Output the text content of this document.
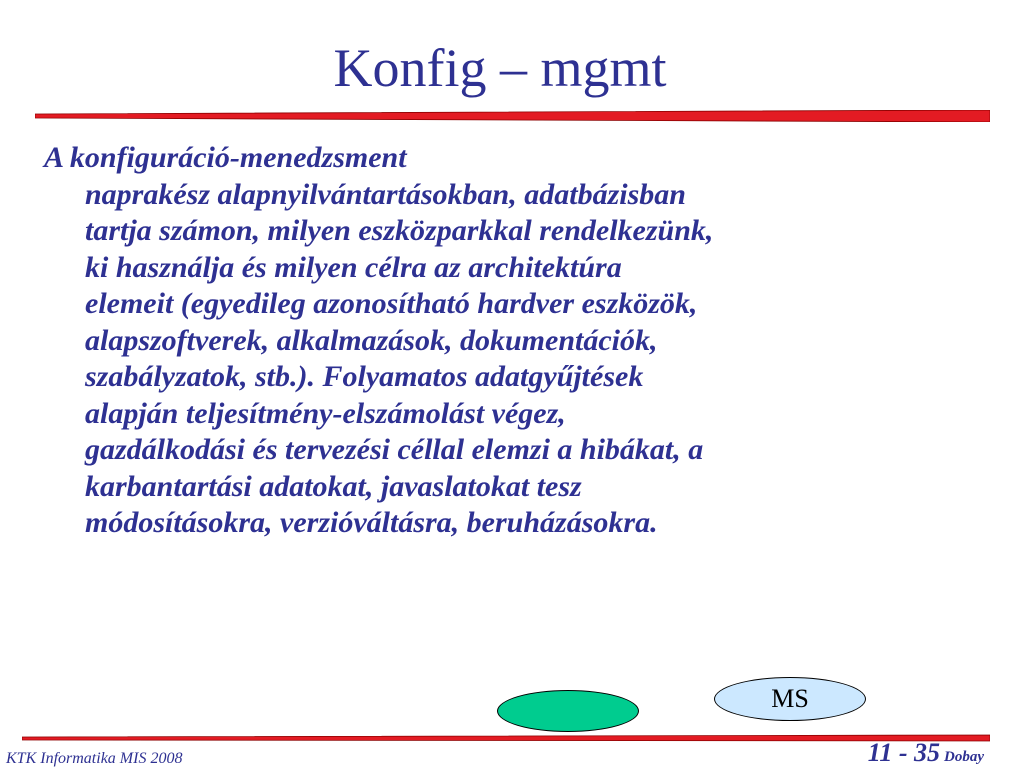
Konfig – mgmt
A konfiguráció-menedzsment
naprakész alapnyilvántartásokban, adatbázisban
tartja számon, milyen eszközparkkal rendelkezünk,
ki használja és milyen célra az architektúra
elemeit (egyedileg azonosítható hardver eszközök,
alapszoftverek, alkalmazások, dokumentációk,
szabályzatok, stb.). Folyamatos adatgyűjtések
alapján teljesítmény-elszámolást végez,
gazdálkodási és tervezési céllal elemzi a hibákat, a
karbantartási adatokat, javaslatokat tesz
módosításokra, verzióváltásra, beruházásokra.
MS
KTK Informatika MIS 2008	11 - 35 Dobay
